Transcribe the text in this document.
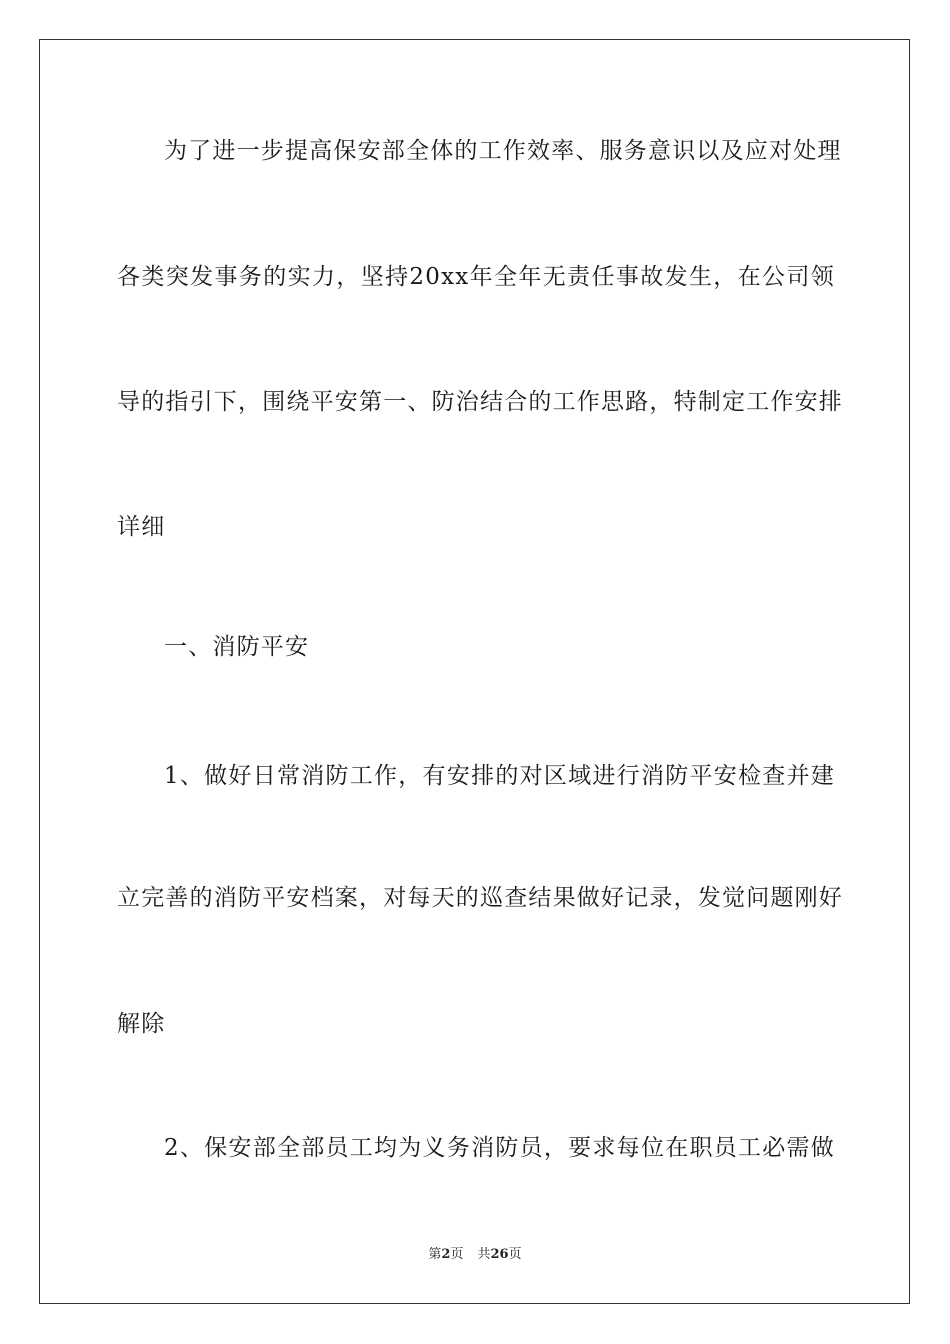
为了进一步提高保安部全体的工作效率、服务意识以及应对处理
各类突发事务的实力，坚持20xx年全年无责任事故发生，在公司领
导的指引下，围绕平安第一、防治结合的工作思路，特制定工作安排
详细
一、消防平安
1、做好日常消防工作，有安排的对区域进行消防平安检查并建
立完善的消防平安档案，对每天的巡查结果做好记录，发觉问题刚好
解除
2、保安部全部员工均为义务消防员，要求每位在职员工必需做
第2页 共26页
